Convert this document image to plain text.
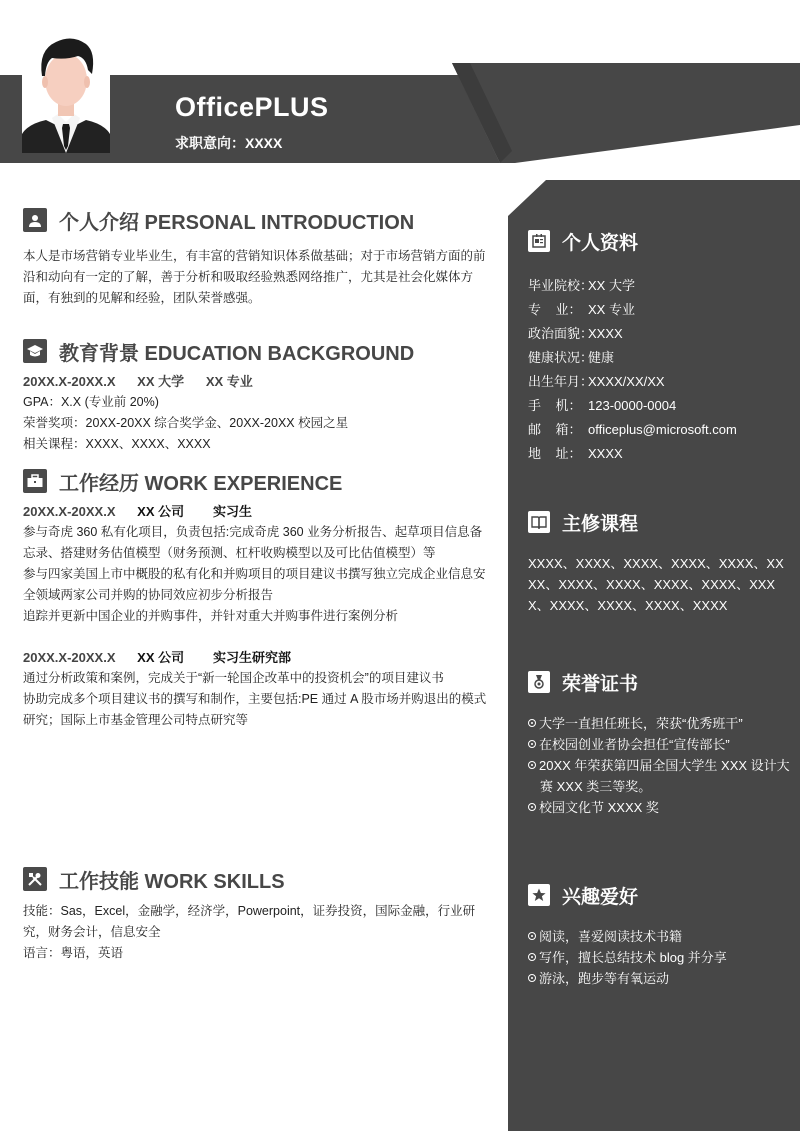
OfficePLUS
求职意向：XXXX
个人介绍 PERSONAL INTRODUCTION
本人是市场营销专业毕业生，有丰富的营销知识体系做基础；对于市场营销方面的前沿和动向有一定的了解，善于分析和吸取经验熟悉网络推广，尤其是社会化媒体方面，有独到的见解和经验，团队荣誉感强。
教育背景 EDUCATION BACKGROUND
20XX.X-20XX.X XX 大学 XX 专业
GPA：X.X (专业前 20%)
荣誉奖项：20XX-20XX 综合奖学金、20XX-20XX 校园之星
相关课程：XXXX、XXXX、XXXX
工作经历 WORK EXPERIENCE
20XX.X-20XX.X XX 公司 实习生
参与奇虎 360 私有化项目，负责包括:完成奇虎 360 业务分析报告、起草项目信息备忘录、搭建财务估值模型（财务预测、杠杆收购模型以及可比估值模型）等
参与四家美国上市中概股的私有化和并购项目的项目建议书撰写独立完成企业信息安全领域两家公司并购的协同效应初步分析报告
追踪并更新中国企业的并购事件，并针对重大并购事件进行案例分析
20XX.X-20XX.X XX 公司 实习生研究部
通过分析政策和案例，完成关于“新一轮国企改革中的投资机会”的项目建议书
协助完成多个项目建议书的撰写和制作，主要包括:PE 通过 A 股市场并购退出的模式研究；国际上市基金管理公司特点研究等
工作技能 WORK SKILLS
技能：Sas，Excel，金融学，经济学，Powerpoint，证券投资，国际金融，行业研究，财务会计，信息安全
语言：粤语，英语
个人资料
毕业院校：
XX 大学
专    业： XX 专业
政治面貌：
XXXX
健康状况：
健康
出生年月：
XXXX/XX/XX
手    机： 123-0000-0004
邮    箱： officeplus@microsoft.com
地    址： XXXX
主修课程
XXXX、XXXX、XXXX、XXXX、XXXX、XXXX、XXXX、XXXX、XXXX、XXXX、XXXX、XXXX、XXXX、XXXX、XXXX
荣誉证书
大学一直担任班长，荣获“优秀班干”
在校园创业者协会担任“宣传部长”
20XX 年荣获第四届全国大学生 XXX 设计大赛 XXX 类三等奖。
校园文化节 XXXX 奖
兴趣爱好
阅读，喜爱阅读技术书籍
写作，擅长总结技术 blog 并分享
游泳，跑步等有氧运动
